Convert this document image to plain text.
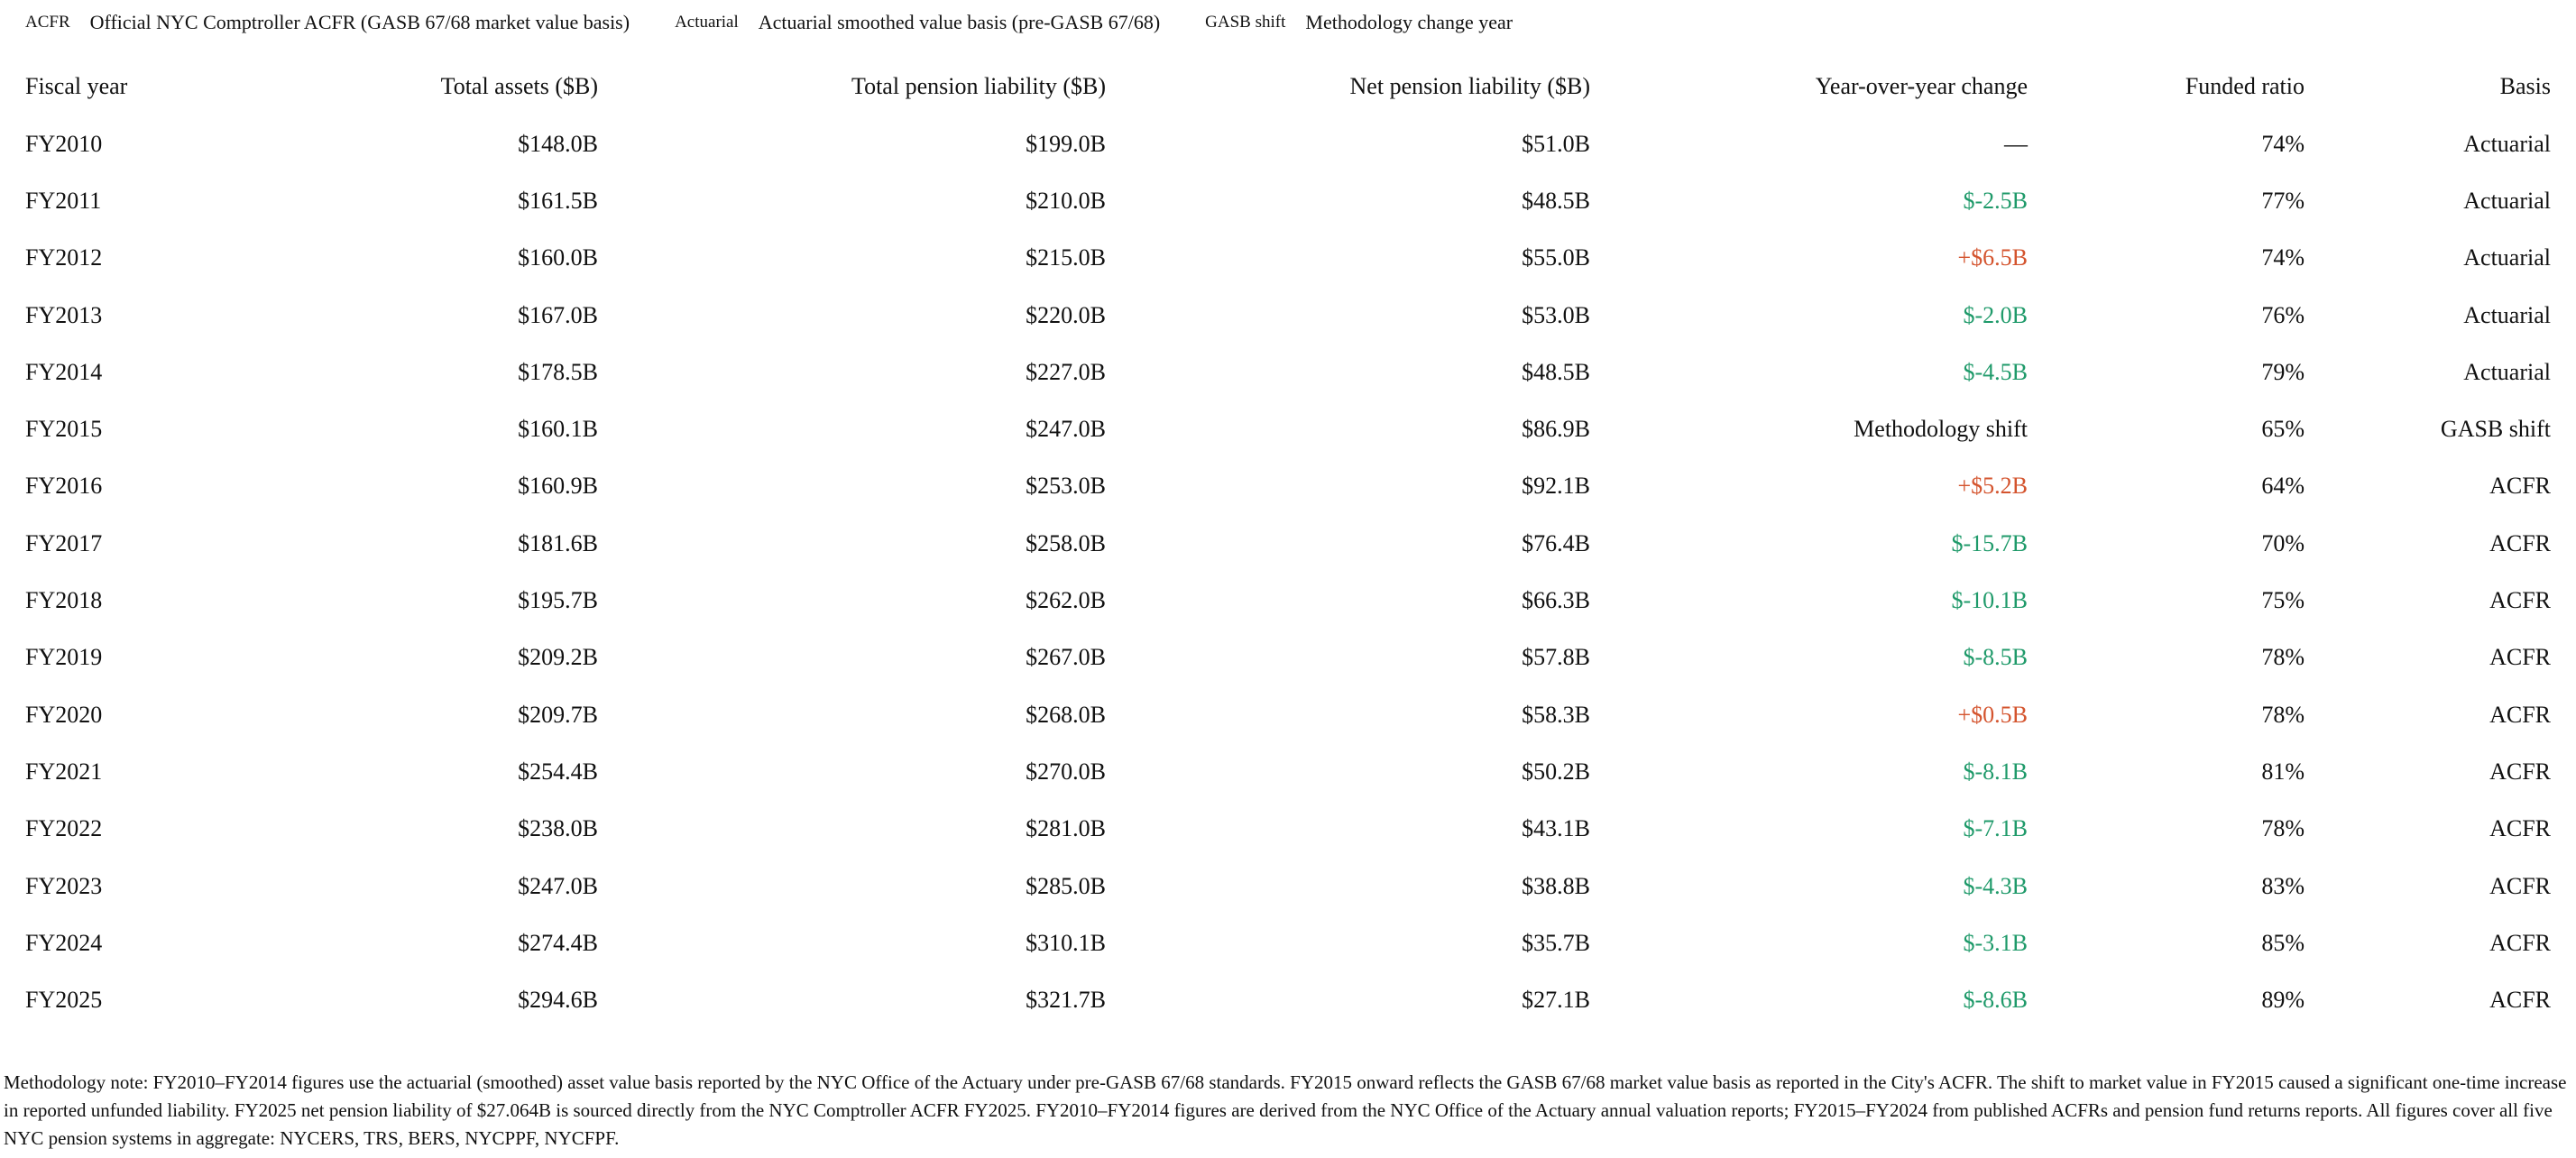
ACFR Official NYC Comptroller ACFR (GASB 67/68 market value basis)	Actuarial Actuarial smoothed value basis (pre-GASB 67/68)	GASB shift Methodology change year
Fiscal year	Total assets ($B)	Total pension liability ($B)	Net pension liability ($B)	Year-over-year change	Funded ratio	Basis
FY2010	$148.0B	$199.0B	$51.0B	—	74%	Actuarial
FY2011	$161.5B	$210.0B	$48.5B	$-2.5B	77%	Actuarial
FY2012	$160.0B	$215.0B	$55.0B	+$6.5B	74%	Actuarial
FY2013	$167.0B	$220.0B	$53.0B	$-2.0B	76%	Actuarial
FY2014	$178.5B	$227.0B	$48.5B	$-4.5B	79%	Actuarial
FY2015	$160.1B	$247.0B	$86.9B	Methodology shift	65%	GASB shift
FY2016	$160.9B	$253.0B	$92.1B	+$5.2B	64%	ACFR
FY2017	$181.6B	$258.0B	$76.4B	$-15.7B	70%	ACFR
FY2018	$195.7B	$262.0B	$66.3B	$-10.1B	75%	ACFR
FY2019	$209.2B	$267.0B	$57.8B	$-8.5B	78%	ACFR
FY2020	$209.7B	$268.0B	$58.3B	+$0.5B	78%	ACFR
FY2021	$254.4B	$270.0B	$50.2B	$-8.1B	81%	ACFR
FY2022	$238.0B	$281.0B	$43.1B	$-7.1B	78%	ACFR
FY2023	$247.0B	$285.0B	$38.8B	$-4.3B	83%	ACFR
FY2024	$274.4B	$310.1B	$35.7B	$-3.1B	85%	ACFR
FY2025	$294.6B	$321.7B	$27.1B	$-8.6B	89%	ACFR

Methodology note: FY2010–FY2014 figures use the actuarial (smoothed) asset value basis reported by the NYC Office of the Actuary under pre-GASB 67/68 standards. FY2015 onward reflects the GASB 67/68 market value basis as reported in the City's ACFR. The shift to market value in FY2015 caused a significant one-time increase in reported unfunded liability. FY2025 net pension liability of $27.064B is sourced directly from the NYC Comptroller ACFR FY2025. FY2010–FY2014 figures are derived from the NYC Office of the Actuary annual valuation reports; FY2015–FY2024 from published ACFRs and pension fund returns reports. All figures cover all five NYC pension systems in aggregate: NYCERS, TRS, BERS, NYCPPF, NYCFPF.
